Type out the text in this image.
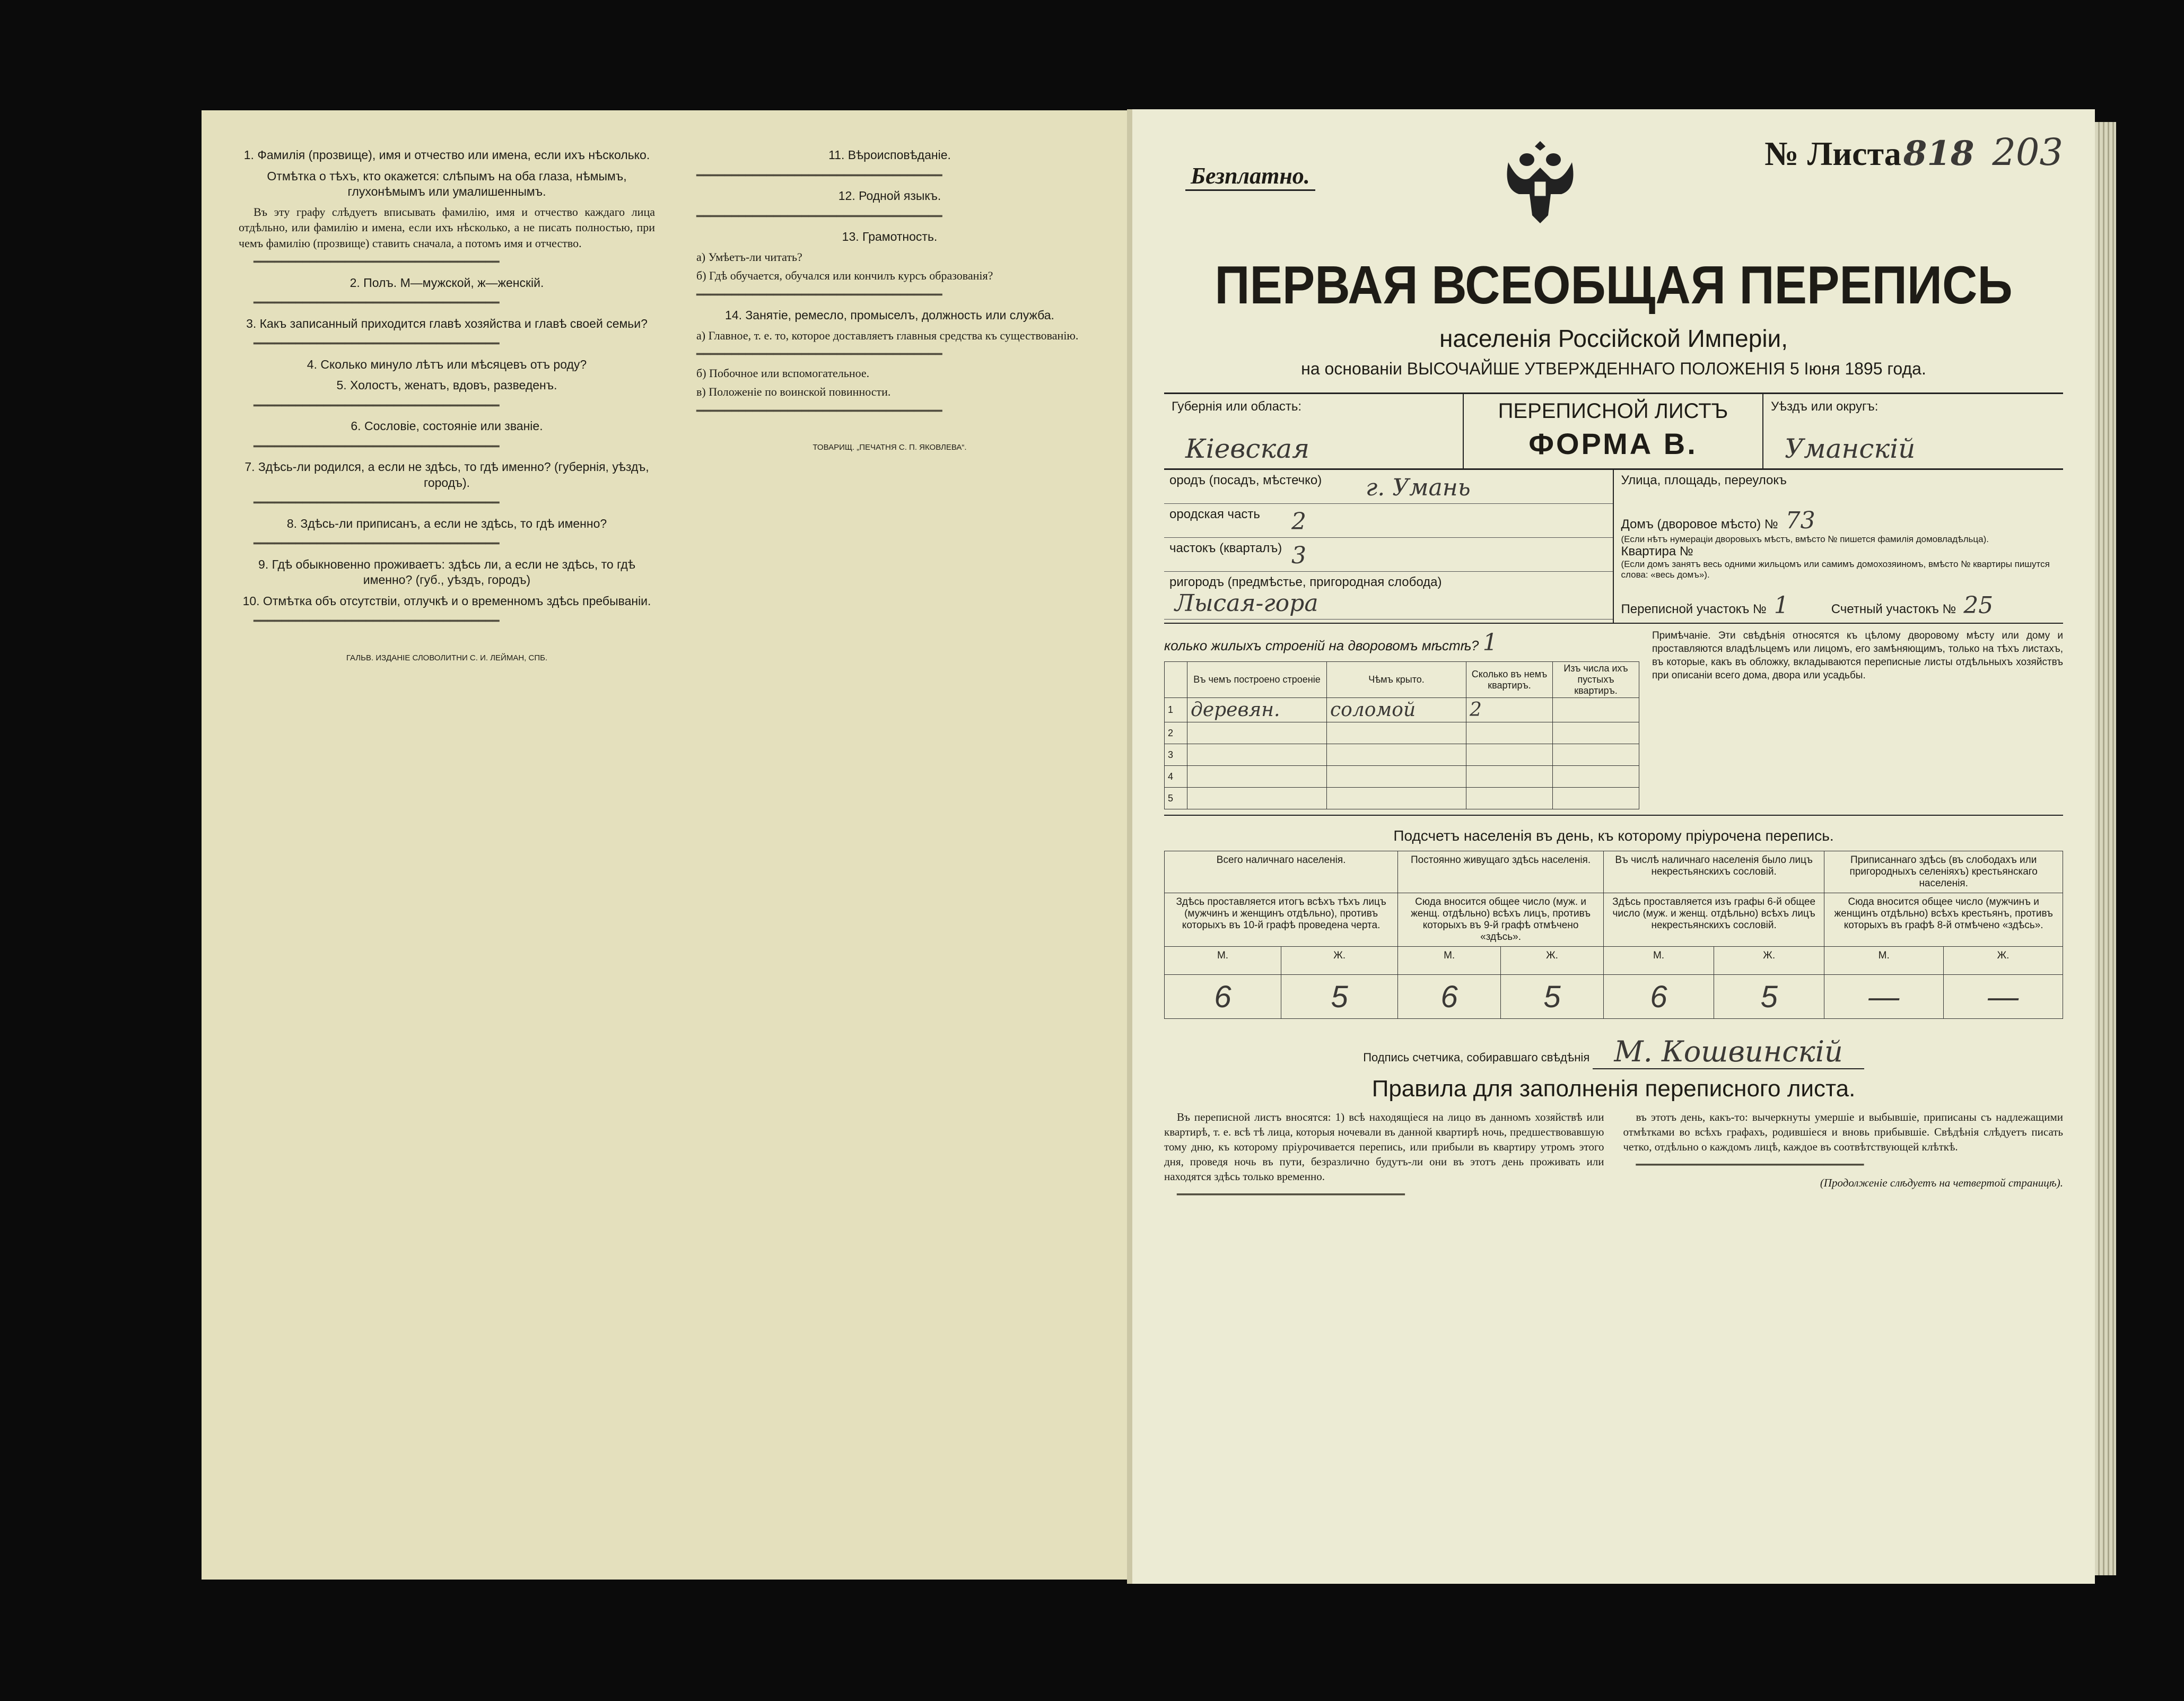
1. Фамилія (прозвище), имя и отчество или имена, если ихъ нѣсколько.

Отмѣтка о тѣхъ, кто окажется: слѣпымъ на оба глаза, нѣмымъ, глухонѣмымъ или умалишеннымъ.

Въ эту графу слѣдуетъ вписывать фамилію, имя и отчество каждаго лица отдѣльно, или фамилію и имена, если ихъ нѣсколько, а не писать полностью, при чемъ фамилію (прозвище) ставить сначала, а потомъ имя и отчество.

━━━━━━━━━━━━━━━━━━━━━━━━━━━━━━━━━━━

2. Полъ. М—мужской, ж—женскій.

━━━━━━━━━━━━━━━━━━━━━━━━━━━━━━━━━━━

3. Какъ записанный приходится главѣ хозяйства и главѣ своей семьи?

━━━━━━━━━━━━━━━━━━━━━━━━━━━━━━━━━━━

4. Сколько минуло лѣтъ или мѣсяцевъ отъ роду?

5. Холостъ, женатъ, вдовъ, разведенъ.

━━━━━━━━━━━━━━━━━━━━━━━━━━━━━━━━━━━

6. Сословіе, состояніе или званіе.

━━━━━━━━━━━━━━━━━━━━━━━━━━━━━━━━━━━

7. Здѣсь-ли родился, а если не здѣсь, то гдѣ именно? (губернія, уѣздъ, городъ).

━━━━━━━━━━━━━━━━━━━━━━━━━━━━━━━━━━━

8. Здѣсь-ли приписанъ, а если не здѣсь, то гдѣ именно?

━━━━━━━━━━━━━━━━━━━━━━━━━━━━━━━━━━━

9. Гдѣ обыкновенно проживаетъ: здѣсь ли, а если не здѣсь, то гдѣ именно? (губ., уѣздъ, городъ)

10. Отмѣтка объ отсутствіи, отлучкѣ и о временномъ здѣсь пребываніи.

━━━━━━━━━━━━━━━━━━━━━━━━━━━━━━━━━━━

ГАЛЬВ. ИЗДАНІЕ СЛОВОЛИТНИ С. И. ЛЕЙМАН, СПБ.

11. Вѣроисповѣданіе.

━━━━━━━━━━━━━━━━━━━━━━━━━━━━━━━━━━━

12. Родной языкъ.

━━━━━━━━━━━━━━━━━━━━━━━━━━━━━━━━━━━

13. Грамотность.

а) Умѣетъ-ли читать?

б) Гдѣ обучается, обучался или кончилъ курсъ образованія?

━━━━━━━━━━━━━━━━━━━━━━━━━━━━━━━━━━━

14. Занятіе, ремесло, промыселъ, должность или служба.

а) Главное, т. е. то, которое доставляетъ главныя средства къ существованію.

━━━━━━━━━━━━━━━━━━━━━━━━━━━━━━━━━━━

б) Побочное или вспомогательное.

в) Положеніе по воинской повинности.

━━━━━━━━━━━━━━━━━━━━━━━━━━━━━━━━━━━

ТОВАРИЩ. „ПЕЧАТНЯ С. П. ЯКОВЛЕВА“.

Безплатно.
№ Листа 818 203
ПЕРВАЯ ВСЕОБЩАЯ ПЕРЕПИСЬ
населенія Россійской Имперіи,
на основаніи ВЫСОЧАЙШЕ УТВЕРЖДЕННАГО ПОЛОЖЕНІЯ 5 Іюня 1895 года.
Губернія или область:
Кіевская
ПЕРЕПИСНОЙ ЛИСТЪ
ФОРМА В.
Уѣздъ или округъ:
Уманскій
ородъ (посадъ, мѣстечко) г. Умань
ородская часть 2
частокъ (кварталъ) 3
ригородъ (предмѣстье, пригородная слобода)
Лысая-гора
Улица, площадь, переулокъ
Домъ (дворовое мѣсто) № 73
(Если нѣтъ нумераціи дворовыхъ мѣстъ, вмѣсто № пишется фамилія домовладѣльца).
Квартира №
(Если домъ занятъ весь одними жильцомъ или самимъ домохозяиномъ, вмѣсто № квартиры пишутся слова: «весь домъ»).
Переписной участокъ № 1	Счетный участокъ № 25
колько жилыхъ строеній на дворовомъ мѣстѣ? 1
	Въ чемъ построено строеніе	Чѣмъ крыто.	Сколько въ немъ квартиръ.	Изъ числа ихъ пустыхъ квартиръ.
1	деревян.	соломой	2	
2				
3				
4				
5				
Примѣчаніе. Эти свѣдѣнія относятся къ цѣлому дворовому мѣсту или дому и проставляются владѣльцемъ или лицомъ, его замѣняющимъ, только на тѣхъ листахъ, въ которые, какъ въ обложку, вкладываются переписные листы отдѣльныхъ хозяйствъ при описаніи всего дома, двора или усадьбы.
Подсчетъ населенія въ день, къ которому пріурочена перепись.
Всего наличнаго населенія.		Постоянно живущаго здѣсь населенія.		Въ числѣ наличнаго населенія было лицъ некрестьянскихъ сословій.		Приписаннаго здѣсь (въ слободахъ или пригородныхъ селеніяхъ) крестьянскаго населенія.	
Здѣсь проставляется итогъ всѣхъ тѣхъ лицъ (мужчинъ и женщинъ отдѣльно), противъ которыхъ въ 10-й графѣ проведена черта.		Сюда вносится общее число (муж. и женщ. отдѣльно) всѣхъ лицъ, противъ которыхъ въ 9-й графѣ отмѣчено «здѣсь».		Здѣсь проставляется изъ графы 6-й общее число (муж. и женщ. отдѣльно) всѣхъ лицъ некрестьянскихъ сословій.		Сюда вносится общее число (мужчинъ и женщинъ отдѣльно) всѣхъ крестьянъ, противъ которыхъ въ графѣ 8-й отмѣчено «здѣсь».	
М.	Ж.	М.	Ж.	М.	Ж.	М.	Ж.
6	5	6	5	6	5	—	—
Подпись счетчика, собиравшаго свѣдѣнія М. Кошвинскій
Правила для заполненія переписного листа.

Въ переписной листъ вносятся: 1) всѣ находящіеся на лицо въ данномъ хозяйствѣ или квартирѣ, т. е. всѣ тѣ лица, которыя ночевали въ данной квартирѣ ночь, предшествовавшую тому дню, къ которому пріурочивается перепись, или прибыли въ квартиру утромъ этого дня, проведя ночь въ пути, безразлично будутъ-ли они въ этотъ день проживать или находятся здѣсь только временно.

━━━━━━━━━━━━━━━━━━━━━━━━━━━━━━━━━━

въ этотъ день, какъ-то: вычеркнуты умершіе и выбывшіе, приписаны съ надлежащими отмѣтками во всѣхъ графахъ, родившіеся и вновь прибывшіе. Свѣдѣнія слѣдуетъ писать четко, отдѣльно о каждомъ лицѣ, каждое въ соотвѣтствующей клѣткѣ.

━━━━━━━━━━━━━━━━━━━━━━━━━━━━━━━━━━

(Продолженіе слѣдуетъ на четвертой страницѣ).
